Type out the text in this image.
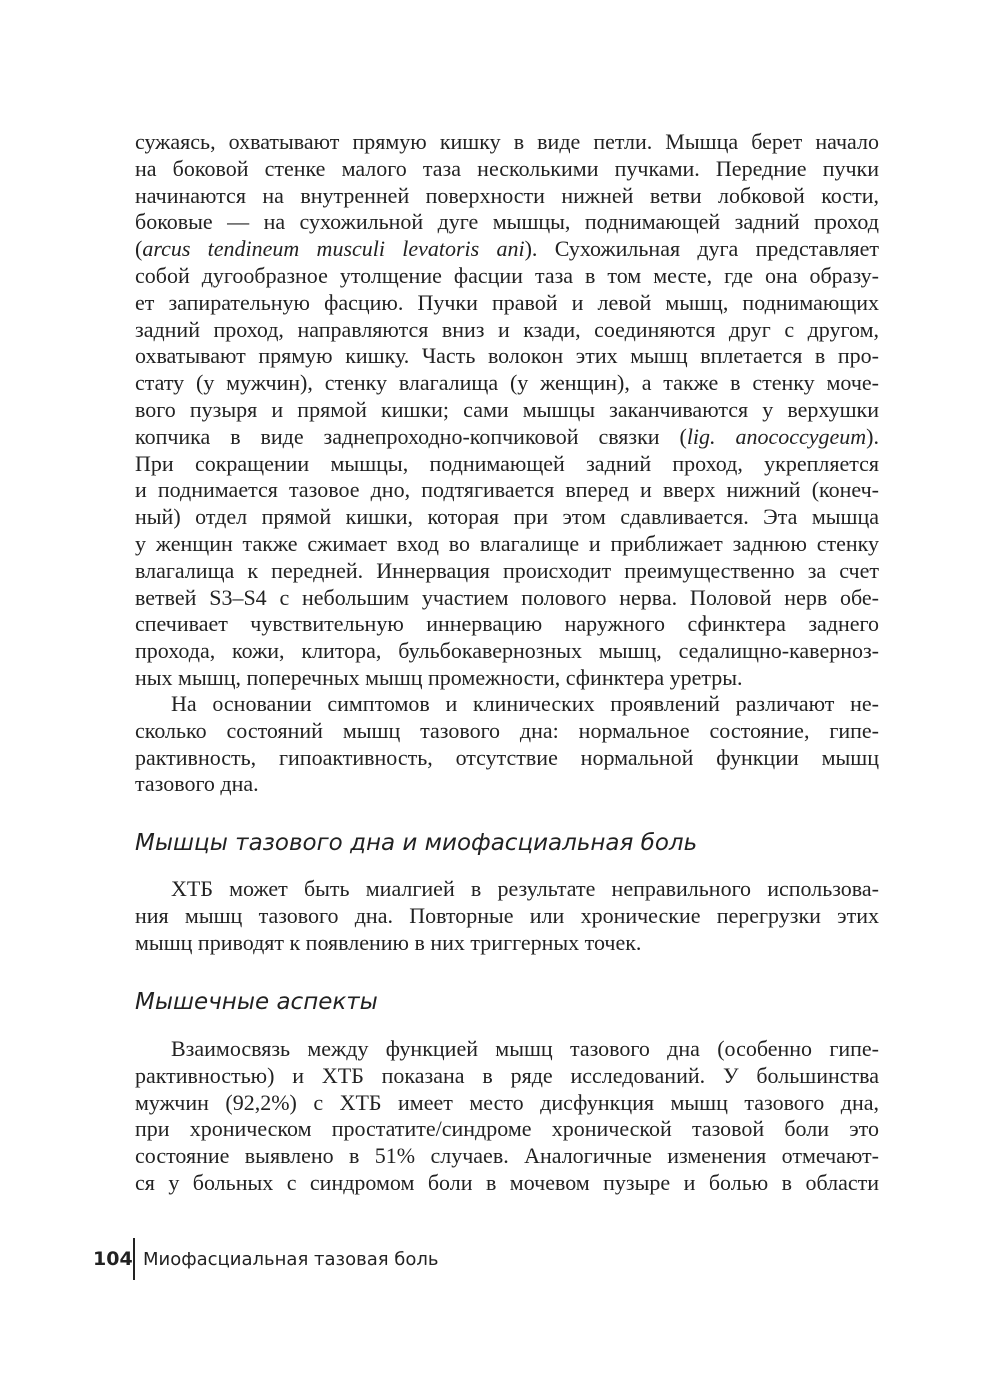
сужаясь, охватывают прямую кишку в виде петли. Мышца берет начало
на боковой стенке малого таза несколькими пучками. Передние пучки
начинаются на внутренней поверхности нижней ветви лобковой кости,
боковые — на сухожильной дуге мышцы, поднимающей задний проход
(arcus tendineum musculi levatoris ani). Сухожильная дуга представляет
собой дугообразное утолщение фасции таза в том месте, где она образу-
ет запирательную фасцию. Пучки правой и левой мышц, поднимающих
задний проход, направляются вниз и кзади, соединяются друг с другом,
охватывают прямую кишку. Часть волокон этих мышц вплетается в про-
стату (у мужчин), стенку влагалища (у женщин), а также в стенку моче-
вого пузыря и прямой кишки; сами мышцы заканчиваются у верхушки
копчика в виде заднепроходно-копчиковой связки (lig. anococcygeum).
При сокращении мышцы, поднимающей задний проход, укрепляется
и поднимается тазовое дно, подтягивается вперед и вверх нижний (конеч-
ный) отдел прямой кишки, которая при этом сдавливается. Эта мышца
у женщин также сжимает вход во влагалище и приближает заднюю стенку
влагалища к передней. Иннервация происходит преимущественно за счет
ветвей S3–S4 с небольшим участием полового нерва. Половой нерв обе-
спечивает чувствительную иннервацию наружного сфинктера заднего
прохода, кожи, клитора, бульбокавернозных мышц, седалищно-кавернoз-
ных мышц, поперечных мышц промежности, сфинктера уретры.
На основании симптомов и клинических проявлений различают не-
сколько состояний мышц тазового дна: нормальное состояние, гипе-
рактивность, гипоактивность, отсутствие нормальной функции мышц
тазового дна.
Мышцы тазового дна и миофасциальная боль
ХТБ может быть миалгией в результате неправильного использова-
ния мышц тазового дна. Повторные или хронические перегрузки этих
мышц приводят к появлению в них триггерных точек.
Мышечные аспекты
Взаимосвязь между функцией мышц тазового дна (особенно гипе-
рактивностью) и ХТБ показана в ряде исследований. У большинства
мужчин (92,2%) с ХТБ имеет место дисфункция мышц тазового дна,
при хроническом простатите/синдроме хронической тазовой боли это
состояние выявлено в 51% случаев. Аналогичные изменения отмечают-
ся у больных с синдромом боли в мочевом пузыре и болью в области
104 Миофасциальная тазовая боль
